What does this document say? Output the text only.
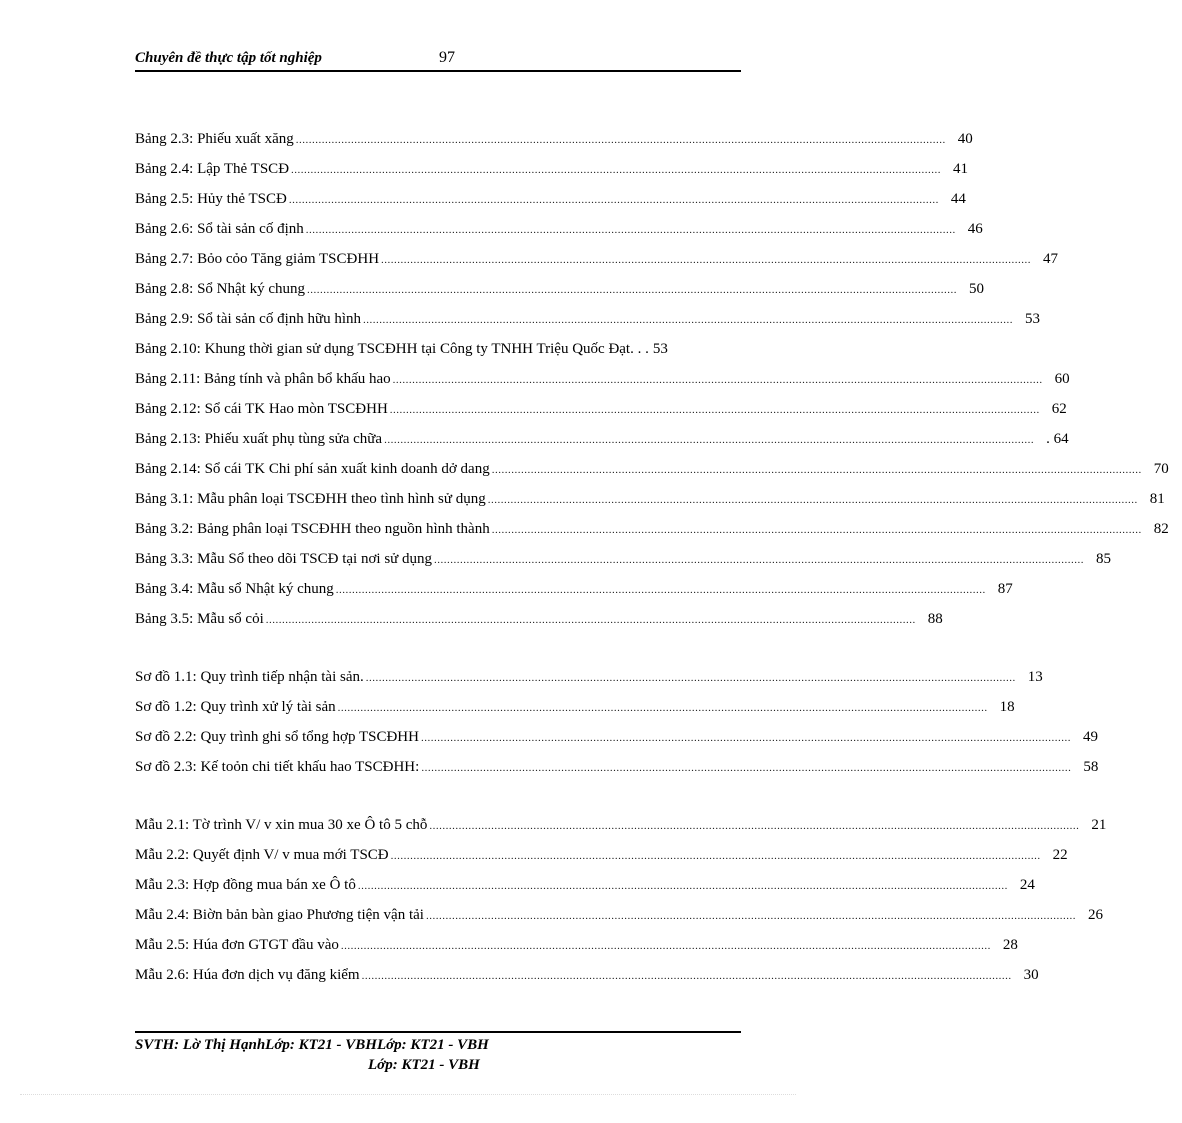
Chuyên đề thực tập tốt nghiệp	97
Bảng 2.3: Phiếu xuất xăng ........................................................................................................................................................................................................ 40
Bảng 2.4: Lập Thẻ TSCĐ ........................................................................................................................................................................................................ 41
Bảng 2.5: Hủy thẻ TSCĐ ........................................................................................................................................................................................................ 44
Bảng 2.6: Sổ tài sản cố định ........................................................................................................................................................................................................ 46
Bảng 2.7: Bỏo cỏo Tăng giảm TSCĐHH ........................................................................................................................................................................................................ 47
Bảng 2.8: Sổ Nhật ký chung ........................................................................................................................................................................................................ 50
Bảng 2.9: Sổ tài sản cố định hữu hình ........................................................................................................................................................................................................ 53
Bảng 2.10: Khung thời gian sử dụng TSCĐHH tại Công ty TNHH Triệu Quốc Đạt. . . 53
Bảng 2.11: Bảng tính và phân bổ khấu hao ........................................................................................................................................................................................................ 60
Bảng 2.12: Sổ cái TK Hao mòn TSCĐHH ........................................................................................................................................................................................................ 62
Bảng 2.13: Phiếu xuất phụ tùng sửa chữa ........................................................................................................................................................................................................ . 64
Bảng 2.14: Sổ cái TK Chi phí sản xuất kinh doanh dở dang ........................................................................................................................................................................................................ 70
Bảng 3.1: Mẫu phân loại TSCĐHH theo tình hình sử dụng ........................................................................................................................................................................................................ 81
Bảng 3.2: Bảng phân loại TSCĐHH theo nguồn hình thành ........................................................................................................................................................................................................ 82
Bảng 3.3: Mẫu Sổ theo dõi TSCĐ tại nơi sử dụng ........................................................................................................................................................................................................ 85
Bảng 3.4: Mẫu sổ Nhật ký chung ........................................................................................................................................................................................................ 87
Bảng 3.5: Mẫu sổ cỏi ........................................................................................................................................................................................................ 88
Sơ đồ 1.1: Quy trình tiếp nhận tài sản. ........................................................................................................................................................................................................ 13
Sơ đồ 1.2: Quy trình xử lý tài sản ........................................................................................................................................................................................................ 18
Sơ đồ 2.2: Quy trình ghi sổ tổng hợp TSCĐHH ........................................................................................................................................................................................................ 49
Sơ đồ 2.3: Kế toỏn chi tiết khấu hao TSCĐHH: ........................................................................................................................................................................................................ 58
Mẫu 2.1: Tờ trình V/ v xin mua 30 xe Ô tô 5 chỗ ........................................................................................................................................................................................................ 21
Mẫu 2.2: Quyết định V/ v mua mới TSCĐ ........................................................................................................................................................................................................ 22
Mẫu 2.3: Hợp đồng mua bán xe Ô tô ........................................................................................................................................................................................................ 24
Mẫu 2.4: Biờn bản bàn giao Phương tiện vận tải ........................................................................................................................................................................................................ 26
Mẫu 2.5: Húa đơn GTGT đầu vào ........................................................................................................................................................................................................ 28
Mẫu 2.6: Húa đơn dịch vụ đăng kiểm ........................................................................................................................................................................................................ 30
SVTH: Lờ Thị HạnhLớp: KT21 - VBHLớp: KT21 - VBH
Lớp: KT21 - VBH
